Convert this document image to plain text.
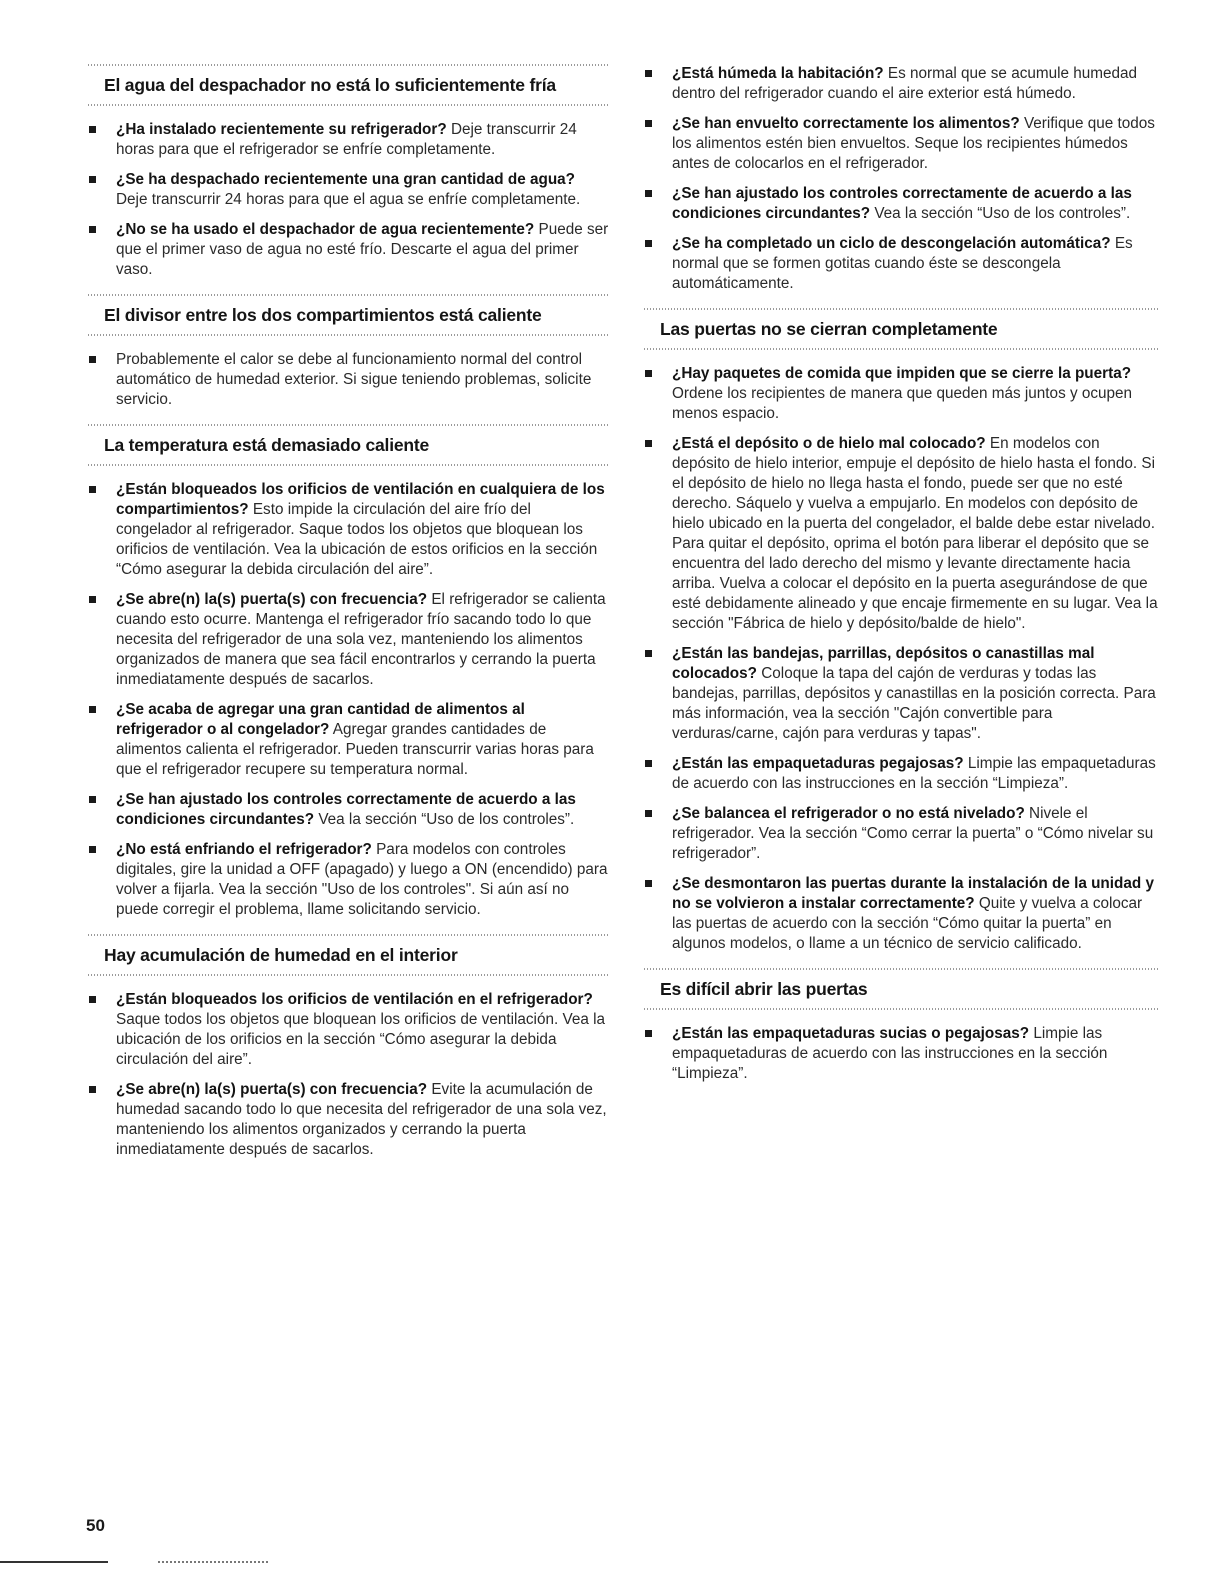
El agua del despachador no está lo suficientemente fría
¿Ha instalado recientemente su refrigerador? Deje transcurrir 24 horas para que el refrigerador se enfríe completamente.
¿Se ha despachado recientemente una gran cantidad de agua? Deje transcurrir 24 horas para que el agua se enfríe completamente.
¿No se ha usado el despachador de agua recientemente? Puede ser que el primer vaso de agua no esté frío. Descarte el agua del primer vaso.
El divisor entre los dos compartimientos está caliente
Probablemente el calor se debe al funcionamiento normal del control automático de humedad exterior. Si sigue teniendo problemas, solicite servicio.
La temperatura está demasiado caliente
¿Están bloqueados los orificios de ventilación en cualquiera de los compartimientos? Esto impide la circulación del aire frío del congelador al refrigerador. Saque todos los objetos que bloquean los orificios de ventilación. Vea la ubicación de estos orificios en la sección “Cómo asegurar la debida circulación del aire”.
¿Se abre(n) la(s) puerta(s) con frecuencia? El refrigerador se calienta cuando esto ocurre. Mantenga el refrigerador frío sacando todo lo que necesita del refrigerador de una sola vez, manteniendo los alimentos organizados de manera que sea fácil encontrarlos y cerrando la puerta inmediatamente después de sacarlos.
¿Se acaba de agregar una gran cantidad de alimentos al refrigerador o al congelador? Agregar grandes cantidades de alimentos calienta el refrigerador. Pueden transcurrir varias horas para que el refrigerador recupere su temperatura normal.
¿Se han ajustado los controles correctamente de acuerdo a las condiciones circundantes? Vea la sección “Uso de los controles”.
¿No está enfriando el refrigerador? Para modelos con controles digitales, gire la unidad a OFF (apagado) y luego a ON (encendido) para volver a fijarla. Vea la sección "Uso de los controles". Si aún así no puede corregir el problema, llame solicitando servicio.
Hay acumulación de humedad en el interior
¿Están bloqueados los orificios de ventilación en el refrigerador? Saque todos los objetos que bloquean los orificios de ventilación. Vea la ubicación de los orificios en la sección “Cómo asegurar la debida circulación del aire”.
¿Se abre(n) la(s) puerta(s) con frecuencia? Evite la acumulación de humedad sacando todo lo que necesita del refrigerador de una sola vez, manteniendo los alimentos organizados y cerrando la puerta inmediatamente después de sacarlos.
¿Está húmeda la habitación? Es normal que se acumule humedad dentro del refrigerador cuando el aire exterior está húmedo.
¿Se han envuelto correctamente los alimentos? Verifique que todos los alimentos estén bien envueltos. Seque los recipientes húmedos antes de colocarlos en el refrigerador.
¿Se han ajustado los controles correctamente de acuerdo a las condiciones circundantes? Vea la sección “Uso de los controles”.
¿Se ha completado un ciclo de descongelación automática? Es normal que se formen gotitas cuando éste se descongela automáticamente.
Las puertas no se cierran completamente
¿Hay paquetes de comida que impiden que se cierre la puerta? Ordene los recipientes de manera que queden más juntos y ocupen menos espacio.
¿Está el depósito o de hielo mal colocado? En modelos con depósito de hielo interior, empuje el depósito de hielo hasta el fondo. Si el depósito de hielo no llega hasta el fondo, puede ser que no esté derecho. Sáquelo y vuelva a empujarlo. En modelos con depósito de hielo ubicado en la puerta del congelador, el balde debe estar nivelado. Para quitar el depósito, oprima el botón para liberar el depósito que se encuentra del lado derecho del mismo y levante directamente hacia arriba. Vuelva a colocar el depósito en la puerta asegurándose de que esté debidamente alineado y que encaje firmemente en su lugar. Vea la sección "Fábrica de hielo y depósito/balde de hielo".
¿Están las bandejas, parrillas, depósitos o canastillas mal colocados? Coloque la tapa del cajón de verduras y todas las bandejas, parrillas, depósitos y canastillas en la posición correcta. Para más información, vea la sección "Cajón convertible para verduras/carne, cajón para verduras y tapas".
¿Están las empaquetaduras pegajosas? Limpie las empaquetaduras de acuerdo con las instrucciones en la sección “Limpieza”.
¿Se balancea el refrigerador o no está nivelado? Nivele el refrigerador. Vea la sección “Como cerrar la puerta” o “Cómo nivelar su refrigerador”.
¿Se desmontaron las puertas durante la instalación de la unidad y no se volvieron a instalar correctamente? Quite y vuelva a colocar las puertas de acuerdo con la sección “Cómo quitar la puerta” en algunos modelos, o llame a un técnico de servicio calificado.
Es difícil abrir las puertas
¿Están las empaquetaduras sucias o pegajosas? Limpie las empaquetaduras de acuerdo con las instrucciones en la sección “Limpieza”.
50
